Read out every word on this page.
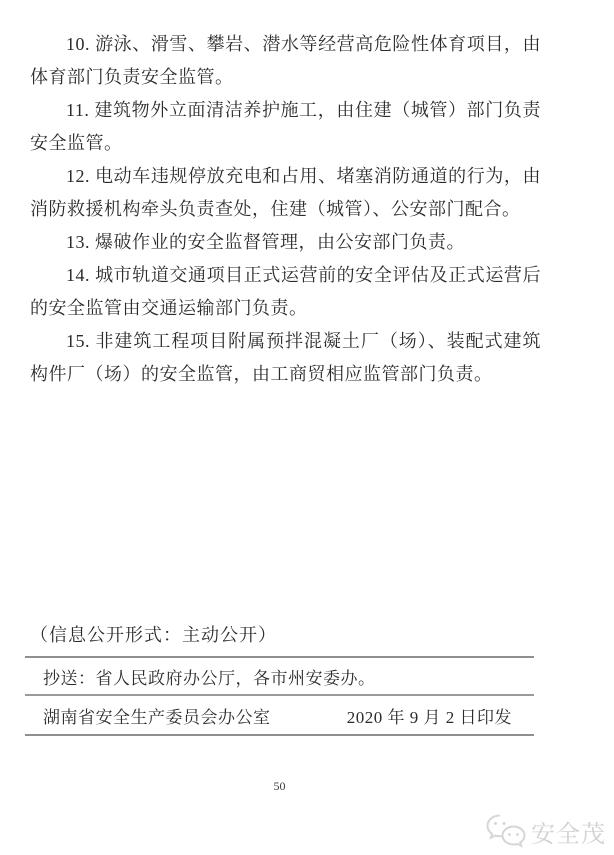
10. 游泳、滑雪、攀岩、潜水等经营高危险性体育项目，由体育部门负责安全监管。

11. 建筑物外立面清洁养护施工，由住建（城管）部门负责安全监管。

12. 电动车违规停放充电和占用、堵塞消防通道的行为，由消防救援机构牵头负责查处，住建（城管）、公安部门配合。

13. 爆破作业的安全监督管理，由公安部门负责。

14. 城市轨道交通项目正式运营前的安全评估及正式运营后的安全监管由交通运输部门负责。

15. 非建筑工程项目附属预拌混凝土厂（场）、装配式建筑构件厂（场）的安全监管，由工商贸相应监管部门负责。

（信息公开形式：主动公开）
抄送：省人民政府办公厅，各市州安委办。
湖南省安全生产委员会办公室	2020 年 9 月 2 日印发
50
安全茂
